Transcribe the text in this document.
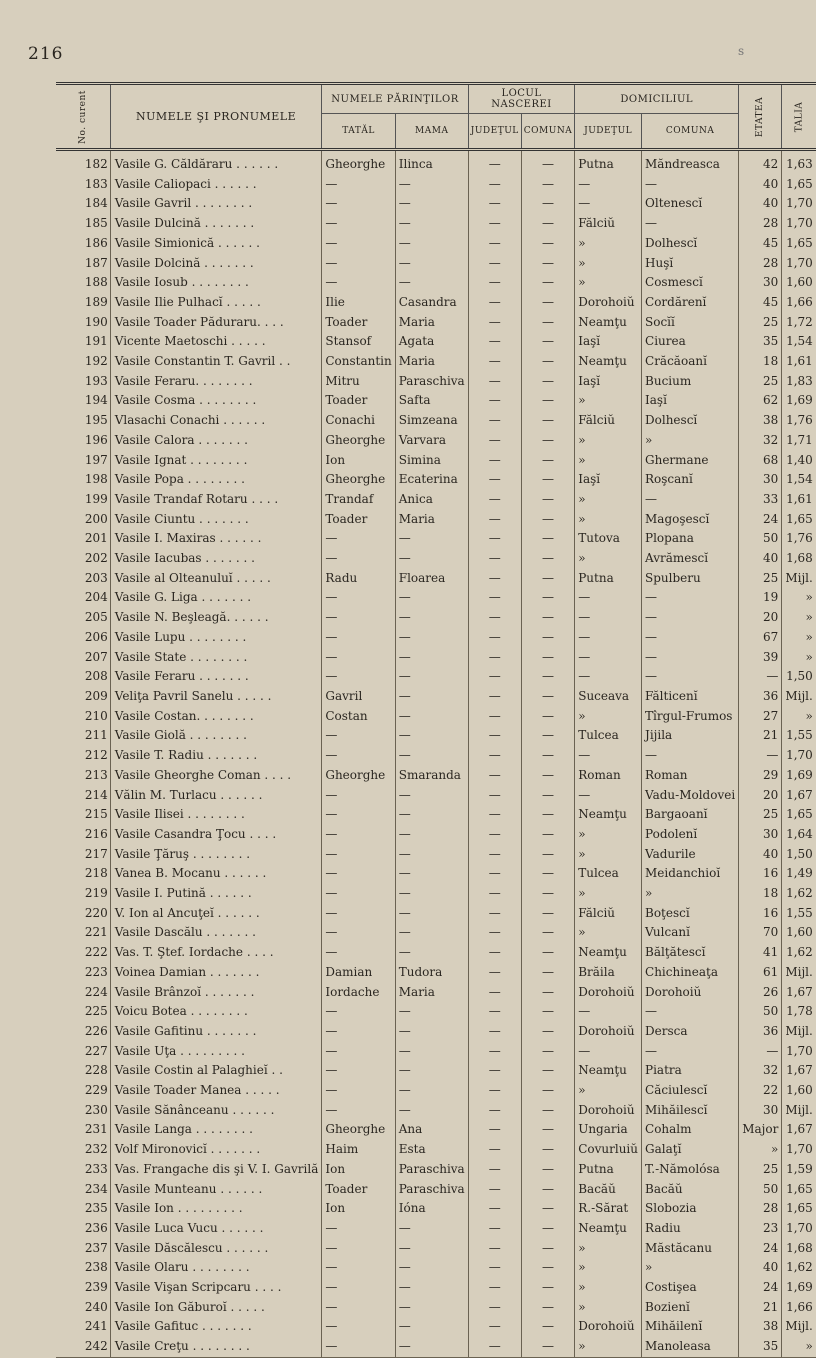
216	s
No. curent	NUMELE ŞI PRONUMELE	NUMELE PĂRINŢILOR		LOCUL NASCEREI		DOMICILIUL		ETATEA	TALIA
		TATĂL	MAMA	JUDEŢUL	COMUNA	JUDEŢUL	COMUNA		
182	Vasile G. Căldăraru . . . . . .	Gheorghe	Ilinca	—	—	Putna	Măndreasca	42	1,63
183	Vasile Caliopaci . . . . . .	—	—	—	—	—	—	40	1,65
184	Vasile Gavril . . . . . . . .	—	—	—	—	—	Oltenescĭ	40	1,70
185	Vasile Dulcină . . . . . . .	—	—	—	—	Fălciŭ	—	28	1,70
186	Vasile Simionică . . . . . .	—	—	—	—	»	Dolhescĭ	45	1,65
187	Vasile Dolcină . . . . . . .	—	—	—	—	»	Huşĭ	28	1,70
188	Vasile Iosub . . . . . . . .	—	—	—	—	»	Cosmescĭ	30	1,60
189	Vasile Ilie Pulhacĭ . . . . .	Ilie	Casandra	—	—	Dorohoiŭ	Cordărenĭ	45	1,66
190	Vasile Toader Păduraru. . . .	Toader	Maria	—	—	Neamţu	Socĭĭ	25	1,72
191	Vicente Maetoschi . . . . .	Stansof	Agata	—	—	Iaşĭ	Ciurea	35	1,54
192	Vasile Constantin T. Gavril . .	Constantin	Maria	—	—	Neamţu	Crăcăoanĭ	18	1,61
193	Vasile Feraru. . . . . . . .	Mitru	Paraschiva	—	—	Iaşĭ	Bucium	25	1,83
194	Vasile Cosma . . . . . . . .	Toader	Safta	—	—	»	Iaşĭ	62	1,69
195	Vlasachi Conachi . . . . . .	Conachi	Simzeana	—	—	Fălciŭ	Dolhescĭ	38	1,76
196	Vasile Calora . . . . . . .	Gheorghe	Varvara	—	—	»	»	32	1,71
197	Vasile Ignat . . . . . . . .	Ion	Simina	—	—	»	Ghermane	68	1,40
198	Vasile Popa . . . . . . . .	Gheorghe	Ecaterina	—	—	Iaşĭ	Roşcanĭ	30	1,54
199	Vasile Trandaf Rotaru . . . .	Trandaf	Anica	—	—	»	—	33	1,61
200	Vasile Ciuntu . . . . . . .	Toader	Maria	—	—	»	Magoşescĭ	24	1,65
201	Vasile I. Maxiras . . . . . .	—	—	—	—	Tutova	Plopana	50	1,76
202	Vasile Iacubas . . . . . . .	—	—	—	—	»	Avrămescĭ	40	1,68
203	Vasile al Olteanuluĭ . . . . .	Radu	Floarea	—	—	Putna	Spulberu	25	Mijl.
204	Vasile G. Liga . . . . . . .	—	—	—	—	—	—	19	»
205	Vasile N. Beşleagă. . . . . .	—	—	—	—	—	—	20	»
206	Vasile Lupu . . . . . . . .	—	—	—	—	—	—	67	»
207	Vasile State . . . . . . . .	—	—	—	—	—	—	39	»
208	Vasile Feraru . . . . . . .	—	—	—	—	—	—	—	1,50
209	Veliţa Pavril Sanelu . . . . .	Gavril	—	—	—	Suceava	Fălticenĭ	36	Mijl.
210	Vasile Costan. . . . . . . .	Costan	—	—	—	»	Tîrgul-Frumos	27	»
211	Vasile Giolă . . . . . . . .	—	—	—	—	Tulcea	Jijila	21	1,55
212	Vasile T. Radiu . . . . . . .	—	—	—	—	—	—	—	1,70
213	Vasile Gheorghe Coman . . . .	Gheorghe	Smaranda	—	—	Roman	Roman	29	1,69
214	Vălin M. Turlacu . . . . . .	—	—	—	—	—	Vadu-Moldovei	20	1,67
215	Vasile Ilisei . . . . . . . .	—	—	—	—	Neamţu	Bargaoanĭ	25	1,65
216	Vasile Casandra Ţocu . . . .	—	—	—	—	»	Podolenĭ	30	1,64
217	Vasile Ţăruş . . . . . . . .	—	—	—	—	»	Vadurile	40	1,50
218	Vanea B. Mocanu . . . . . .	—	—	—	—	Tulcea	Meidanchioĭ	16	1,49
219	Vasile I. Putină . . . . . .	—	—	—	—	»	»	18	1,62
220	V. Ion al Ancuţeĭ . . . . . .	—	—	—	—	Fălciŭ	Boţescĭ	16	1,55
221	Vasile Dascălu . . . . . . .	—	—	—	—	»	Vulcanĭ	70	1,60
222	Vas. T. Ştef. Iordache . . . .	—	—	—	—	Neamţu	Bălţătescĭ	41	1,62
223	Voinea Damian . . . . . . .	Damian	Tudora	—	—	Brăila	Chichineaţa	61	Mijl.
224	Vasile Brânzoĭ . . . . . . .	Iordache	Maria	—	—	Dorohoiŭ	Dorohoiŭ	26	1,67
225	Voicu Botea . . . . . . . .	—	—	—	—	—	—	50	1,78
226	Vasile Gafitinu . . . . . . .	—	—	—	—	Dorohoiŭ	Dersca	36	Mijl.
227	Vasile Uţa . . . . . . . . .	—	—	—	—	—	—	—	1,70
228	Vasile Costin al Palaghieĭ . .	—	—	—	—	Neamţu	Piatra	32	1,67
229	Vasile Toader Manea . . . . .	—	—	—	—	»	Căciulescĭ	22	1,60
230	Vasile Sănânceanu . . . . . .	—	—	—	—	Dorohoiŭ	Mihăilescĭ	30	Mijl.
231	Vasile Langa . . . . . . . .	Gheorghe	Ana	—	—	Ungaria	Cohalm	Major	1,67
232	Volf Mironovicĭ . . . . . . .	Haim	Esta	—	—	Covurluiŭ	Galaţĭ	»	1,70
233	Vas. Frangache dis şi V. I. Gavrilă	Ion	Paraschiva	—	—	Putna	T.-Nămolósa	25	1,59
234	Vasile Munteanu . . . . . .	Toader	Paraschiva	—	—	Bacăŭ	Bacăŭ	50	1,65
235	Vasile Ion . . . . . . . . .	Ion	Ióna	—	—	R.-Sărat	Slobozia	28	1,65
236	Vasile Luca Vucu . . . . . .	—	—	—	—	Neamţu	Radiu	23	1,70
237	Vasile Dăscălescu . . . . . .	—	—	—	—	»	Măstăcanu	24	1,68
238	Vasile Olaru . . . . . . . .	—	—	—	—	»	»	40	1,62
239	Vasile Vişan Scripcaru . . . .	—	—	—	—	»	Costişea	24	1,69
240	Vasile Ion Găburoĭ . . . . .	—	—	—	—	»	Bozienĭ	21	1,66
241	Vasile Gafituc . . . . . . .	—	—	—	—	Dorohoiŭ	Mihăilenĭ	38	Mijl.
242	Vasile Creţu . . . . . . . .	—	—	—	—	»	Manoleasa	35	»
